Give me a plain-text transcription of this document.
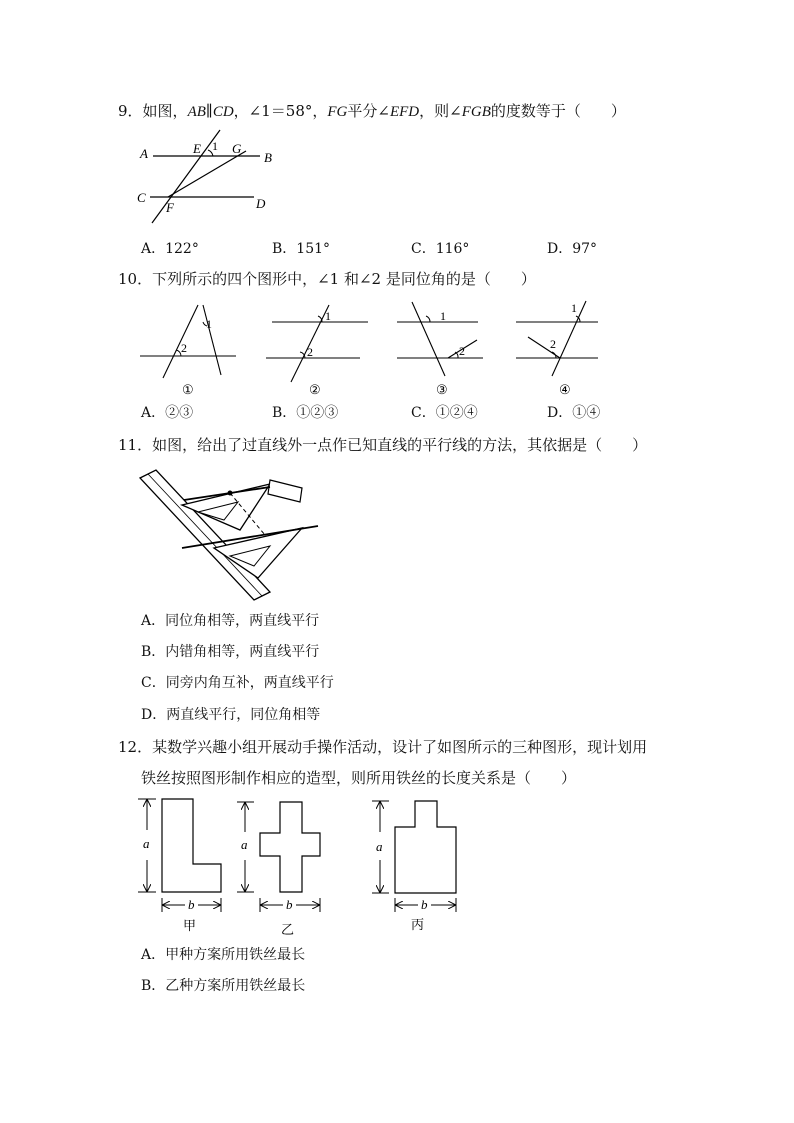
9．如图，AB∥CD，∠1＝58°，FG平分∠EFD，则∠FGB的度数等于（　　）
A	B
C	D
E
F
G
1
A．122°	B．151°	C．116°	D．97°
10．下列所示的四个图形中，∠1 和∠2 是同位角的是（　　）
1
2
1
2
1
2
1
2
①	②	③	④
A．②③	B．①②③	C．①②④	D．①④
11．如图，给出了过直线外一点作已知直线的平行线的方法，其依据是（　　）
A．同位角相等，两直线平行
B．内错角相等，两直线平行
C．同旁内角互补，两直线平行
D．两直线平行，同位角相等
12．某数学兴趣小组开展动手操作活动，设计了如图所示的三种图形，现计划用
铁丝按照图形制作相应的造型，则所用铁丝的长度关系是（　　）
a
b
甲
a
b
乙
a
b
丙
A．甲种方案所用铁丝最长
B．乙种方案所用铁丝最长
